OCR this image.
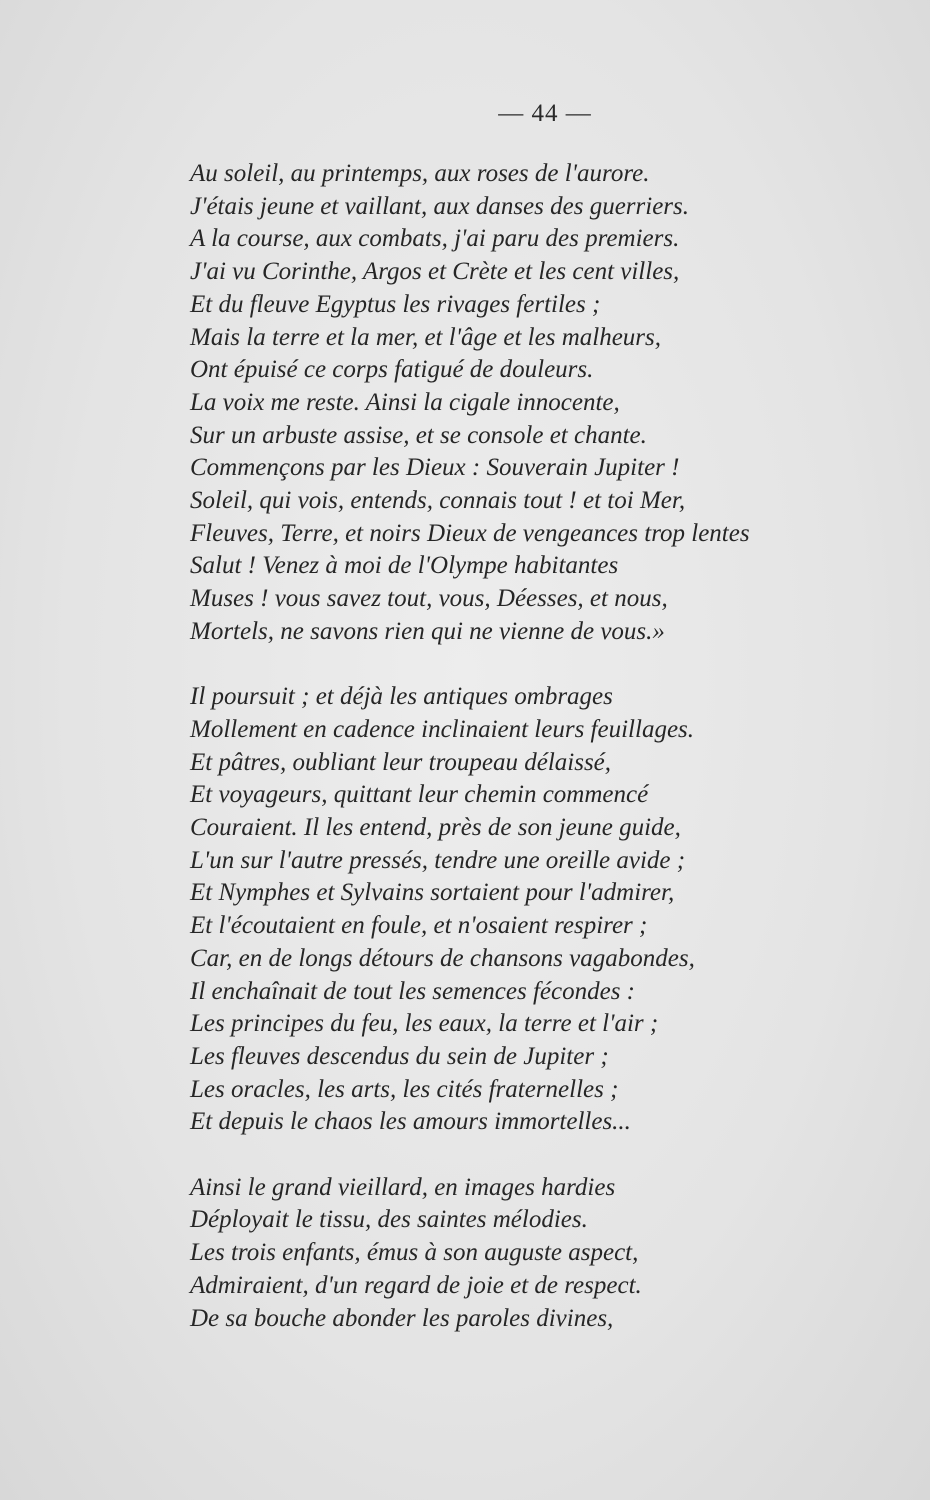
— 44 —
Au soleil, au printemps, aux roses de l'aurore.
J'étais jeune et vaillant, aux danses des guerriers.
A la course, aux combats, j'ai paru des premiers.
J'ai vu Corinthe, Argos et Crète et les cent villes,
Et du fleuve Egyptus les rivages fertiles ;
Mais la terre et la mer, et l'âge et les malheurs,
Ont épuisé ce corps fatigué de douleurs.
La voix me reste. Ainsi la cigale innocente,
Sur un arbuste assise, et se console et chante.
Commençons par les Dieux : Souverain Jupiter !
Soleil, qui vois, entends, connais tout ! et toi Mer,
Fleuves, Terre, et noirs Dieux de vengeances trop lentes
Salut ! Venez à moi de l'Olympe habitantes
Muses ! vous savez tout, vous, Déesses, et nous,
Mortels, ne savons rien qui ne vienne de vous.»
Il poursuit ; et déjà les antiques ombrages
Mollement en cadence inclinaient leurs feuillages.
Et pâtres, oubliant leur troupeau délaissé,
Et voyageurs, quittant leur chemin commencé
Couraient. Il les entend, près de son jeune guide,
L'un sur l'autre pressés, tendre une oreille avide ;
Et Nymphes et Sylvains sortaient pour l'admirer,
Et l'écoutaient en foule, et n'osaient respirer ;
Car, en de longs détours de chansons vagabondes,
Il enchaînait de tout les semences fécondes :
Les principes du feu, les eaux, la terre et l'air ;
Les fleuves descendus du sein de Jupiter ;
Les oracles, les arts, les cités fraternelles ;
Et depuis le chaos les amours immortelles...
Ainsi le grand vieillard, en images hardies
Déployait le tissu, des saintes mélodies.
Les trois enfants, émus à son auguste aspect,
Admiraient, d'un regard de joie et de respect.
De sa bouche abonder les paroles divines,
